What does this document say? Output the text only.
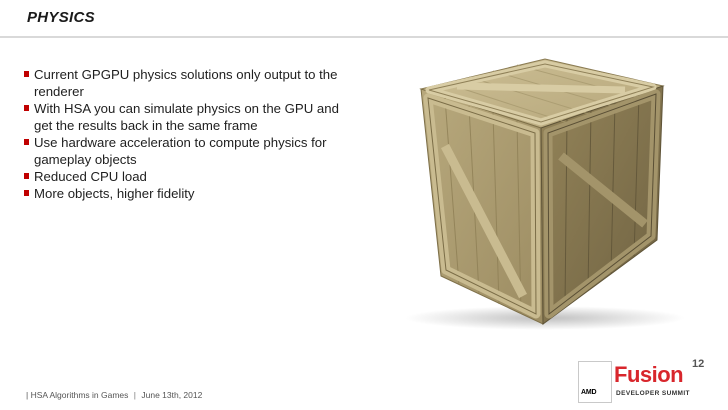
PHYSICS
Current GPGPU physics solutions only output to the renderer
With HSA you can simulate physics on the GPU and get the results back in the same frame
Use hardware acceleration to compute physics for gameplay objects
Reduced CPU load
More objects, higher fidelity
| HSA Algorithms in Games | June 13th, 2012	AMD
Fusion 12
DEVELOPER SUMMIT
